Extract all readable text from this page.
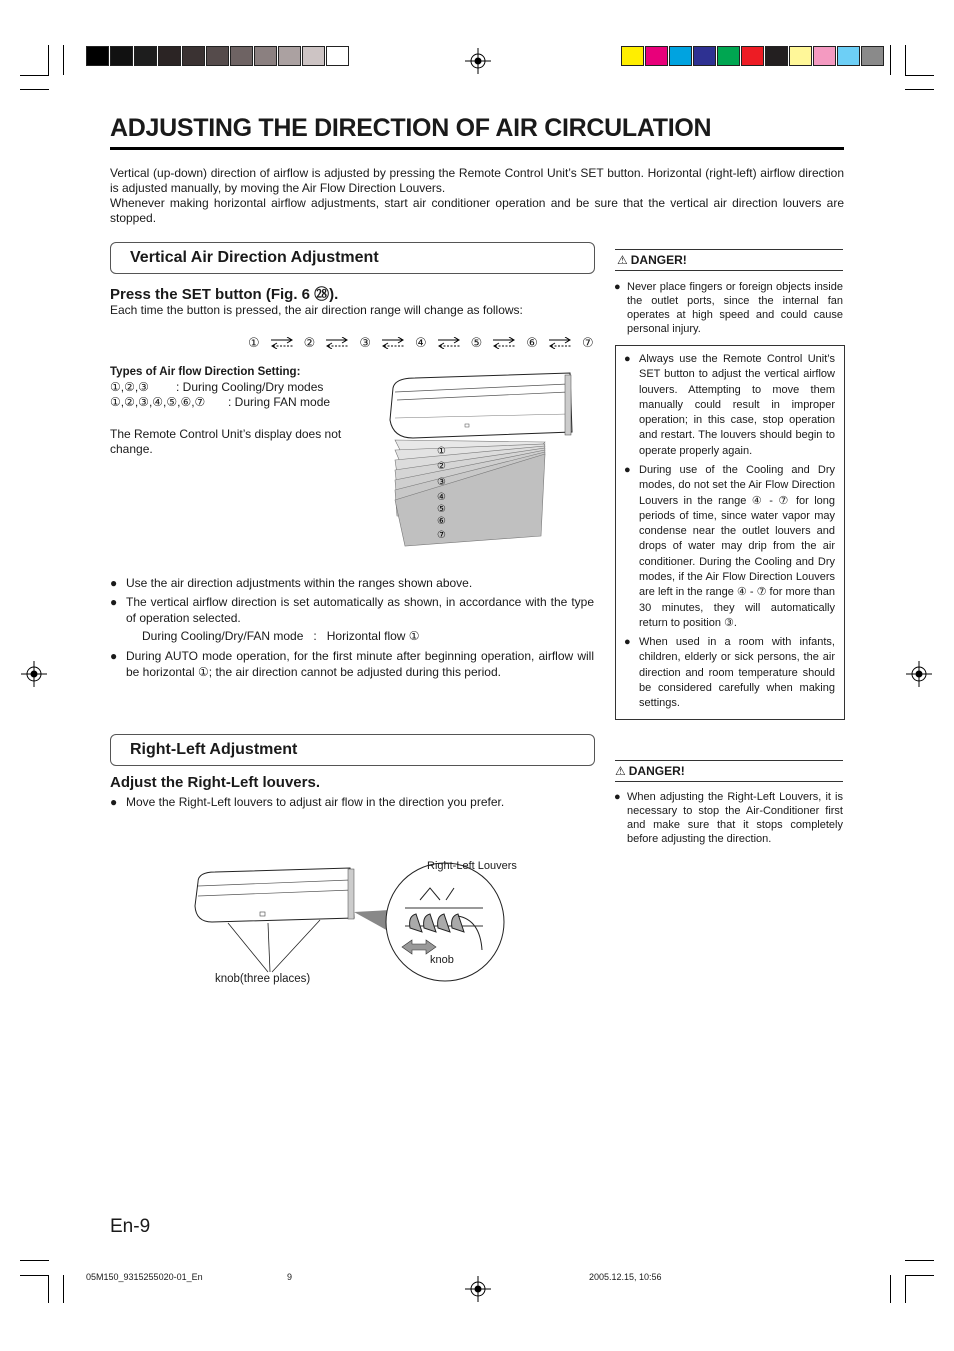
ADJUSTING THE DIRECTION OF AIR CIRCULATION

Vertical (up-down) direction of airflow is adjusted by pressing the Remote Control Unit’s SET button. Horizontal (right-left) airflow direction is adjusted manually, by moving the Air Flow Direction Louvers.

Whenever making horizontal airflow adjustments, start air conditioner operation and be sure that the vertical air direction louvers are stopped.

Vertical Air Direction Adjustment
Press the SET button (Fig. 6 ㉘).
Each time the button is pressed, the air direction range will change as follows:
①	②	③	④	⑤	⑥	⑦
Types of Air flow Direction Setting:
①,②,③	: During Cooling/Dry modes
①,②,③,④,⑤,⑥,⑦	: During FAN mode
The Remote Control Unit’s display does not change.	①
②
③
④
⑤
⑥
⑦
● Use the air direction adjustments within the ranges shown above.
● The vertical airflow direction is set automatically as shown, in accordance with the type of operation selected.
During Cooling/Dry/FAN mode : Horizontal flow ①
● During AUTO mode operation, for the first minute after beginning operation, airflow will be horizontal ①; the air direction cannot be adjusted during this period.
⚠ DANGER!
● Never place fingers or foreign objects inside the outlet ports, since the internal fan operates at high speed and could cause personal injury.
● Always use the Remote Control Unit’s SET button to adjust the vertical airflow louvers. Attempting to move them manually could result in improper operation; in this case, stop operation and restart. The louvers should begin to operate properly again.
● During use of the Cooling and Dry modes, do not set the Air Flow Direction Louvers in the range ④ - ⑦ for long periods of time, since water vapor may condense near the outlet louvers and drops of water may drip from the air conditioner. During the Cooling and Dry modes, if the Air Flow Direction Louvers are left in the range ④ - ⑦ for more than 30 minutes, they will automatically return to position ③.
● When used in a room with infants, children, elderly or sick persons, the air direction and room temperature should be considered carefully when making settings.
Right-Left Adjustment
Adjust the Right-Left louvers.
● Move the Right-Left louvers to adjust air flow in the direction you prefer.
Right-Left Louvers
knob
knob(three places)
⚠ DANGER!
● When adjusting the Right-Left Louvers, it is necessary to stop the Air-Conditioner first and make sure that it stops completely before adjusting the direction.
En-9
05M150_9315255020-01_En	9	2005.12.15, 10:56
